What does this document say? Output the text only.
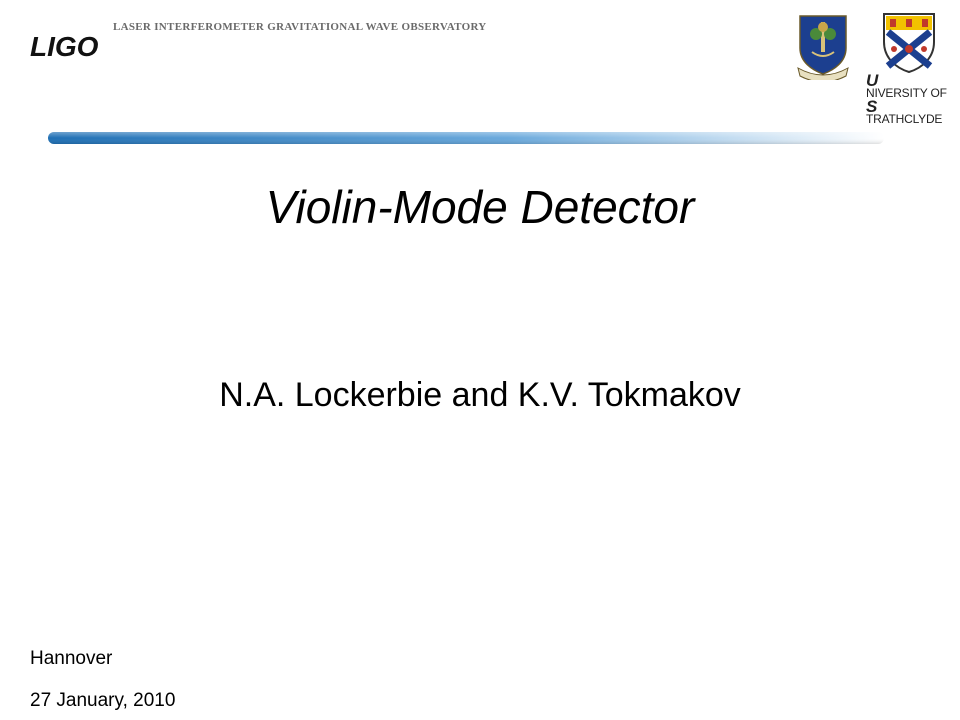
LIGO
LASER INTERFEROMETER GRAVITATIONAL WAVE OBSERVATORY
U
NIVERSITY OF
S
TRATHCLYDE
Violin-Mode Detector
N.A. Lockerbie and K.V. Tokmakov
Hannover
27 January, 2010
